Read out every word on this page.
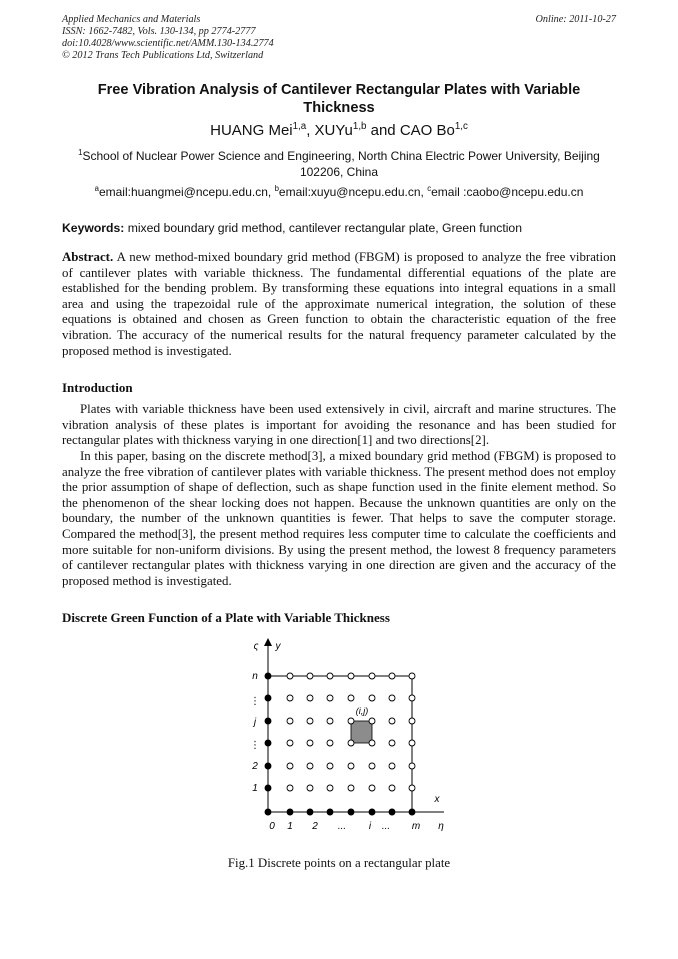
Applied Mechanics and Materials
ISSN: 1662-7482, Vols. 130-134, pp 2774-2777
doi:10.4028/www.scientific.net/AMM.130-134.2774
© 2012 Trans Tech Publications Ltd, Switzerland
Online: 2011-10-27
Free Vibration Analysis of Cantilever Rectangular Plates with Variable Thickness
HUANG Mei$^{1,a}$, XUYu$^{1,b}$ and CAO Bo$^{1,c}$
$^1$School of Nuclear Power Science and Engineering, North China Electric Power University, Beijing 102206, China
$^a$email:huangmei@ncepu.edu.cn, $^b$email:xuyu@ncepu.edu.cn, $^c$email :caobo@ncepu.edu.cn
Keywords: mixed boundary grid method, cantilever rectangular plate, Green function
Abstract. A new method-mixed boundary grid method (FBGM) is proposed to analyze the free vibration of cantilever plates with variable thickness. The fundamental differential equations of the plate are established for the bending problem. By transforming these equations into integral equations in a small area and using the trapezoidal rule of the approximate numerical integration, the solution of these equations is obtained and chosen as Green function to obtain the characteristic equation of the free vibration. The accuracy of the numerical results for the natural frequency parameter calculated by the proposed method is investigated.
Introduction
Plates with variable thickness have been used extensively in civil, aircraft and marine structures. The vibration analysis of these plates is important for avoiding the resonance and has been studied for rectangular plates with thickness varying in one direction[1] and two directions[2].
In this paper, basing on the discrete method[3], a mixed boundary grid method (FBGM) is proposed to analyze the free vibration of cantilever plates with variable thickness. The present method does not employ the prior assumption of shape of deflection, such as shape function used in the finite element method. So the phenomenon of the shear locking does not happen. Because the unknown quantities are only on the boundary, the number of the unknown quantities is fewer. That helps to save the computer storage. Compared the method[3], the present method requires less computer time to calculate the coefficients and more suitable for non-uniform divisions. By using the present method, the lowest 8 frequency parameters of cantilever rectangular plates with thickness varying in one direction are given and the accuracy of the proposed method is investigated.
Discrete Green Function of a Plate with Variable Thickness
ς y
x
η
n
⋮
j
⋮
2
1
0 1 2 ... i ... m
(i,j)
Fig.1 Discrete points on a rectangular plate
